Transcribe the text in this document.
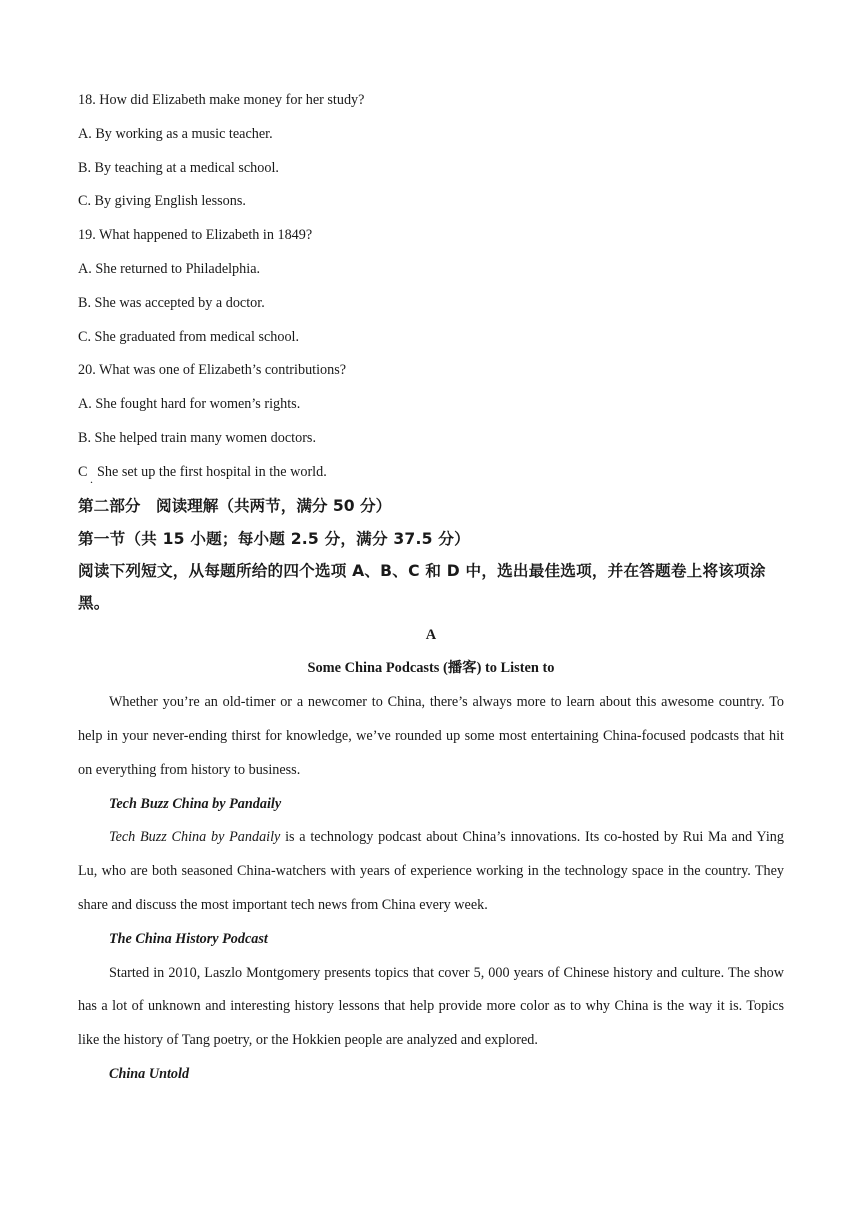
18. How did Elizabeth make money for her study?
A. By working as a music teacher.
B. By teaching at a medical school.
C. By giving English lessons.
19. What happened to Elizabeth in 1849?
A. She returned to Philadelphia.
B. She was accepted by a doctor.
C. She graduated from medical school.
20. What was one of Elizabeth’s contributions?
A. She fought hard for women’s rights.
B. She helped train many women doctors.
C . She set up the first hospital in the world.
第二部分　阅读理解（共两节，满分 50 分）
第一节（共 15 小题；每小题 2.5 分，满分 37.5 分）
阅读下列短文，从每题所给的四个选项 A、B、C 和 D 中，选出最佳选项，并在答题卷上将该项涂黑。
A
Some China Podcasts (播客) to Listen to
Whether you’re an old-timer or a newcomer to China, there’s always more to learn about this awesome country. To help in your never-ending thirst for knowledge, we’ve rounded up some most entertaining China-focused podcasts that hit on everything from history to business.
Tech Buzz China by Pandaily
Tech Buzz China by Pandaily is a technology podcast about China’s innovations. Its co-hosted by Rui Ma and Ying Lu, who are both seasoned China-watchers with years of experience working in the technology space in the country. They share and discuss the most important tech news from China every week.
The China History Podcast
Started in 2010, Laszlo Montgomery presents topics that cover 5, 000 years of Chinese history and culture. The show has a lot of unknown and interesting history lessons that help provide more color as to why China is the way it is. Topics like the history of Tang poetry, or the Hokkien people are analyzed and explored.
China Untold
